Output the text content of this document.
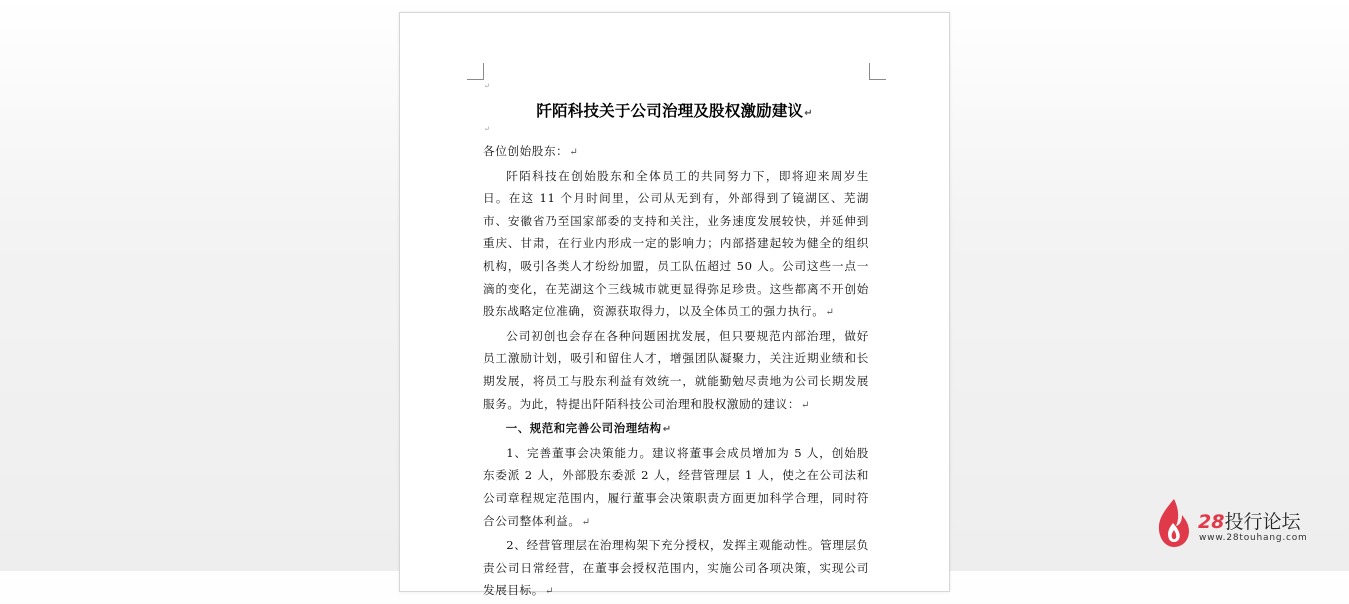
↵
↵
阡陌科技关于公司治理及股权激励建议↵

各位创始股东：↵

阡陌科技在创始股东和全体员工的共同努力下，即将迎来周岁生日。在这 11 个月时间里，公司从无到有，外部得到了镜湖区、芜湖市、安徽省乃至国家部委的支持和关注，业务速度发展较快，并延伸到重庆、甘肃，在行业内形成一定的影响力；内部搭建起较为健全的组织机构，吸引各类人才纷纷加盟，员工队伍超过 50 人。公司这些一点一滴的变化，在芜湖这个三线城市就更显得弥足珍贵。这些都离不开创始股东战略定位准确，资源获取得力，以及全体员工的强力执行。↵

公司初创也会存在各种问题困扰发展，但只要规范内部治理，做好员工激励计划，吸引和留住人才，增强团队凝聚力，关注近期业绩和长期发展，将员工与股东利益有效统一，就能勤勉尽责地为公司长期发展服务。为此，特提出阡陌科技公司治理和股权激励的建议：↵

一、规范和完善公司治理结构↵

1、完善董事会决策能力。建议将董事会成员增加为 5 人，创始股东委派 2 人，外部股东委派 2 人，经营管理层 1 人，使之在公司法和公司章程规定范围内，履行董事会决策职责方面更加科学合理，同时符合公司整体利益。↵

2、经营管理层在治理构架下充分授权，发挥主观能动性。管理层负责公司日常经营，在董事会授权范围内，实施公司各项决策，实现公司发展目标。↵

28投行论坛
www.28touhang.com
